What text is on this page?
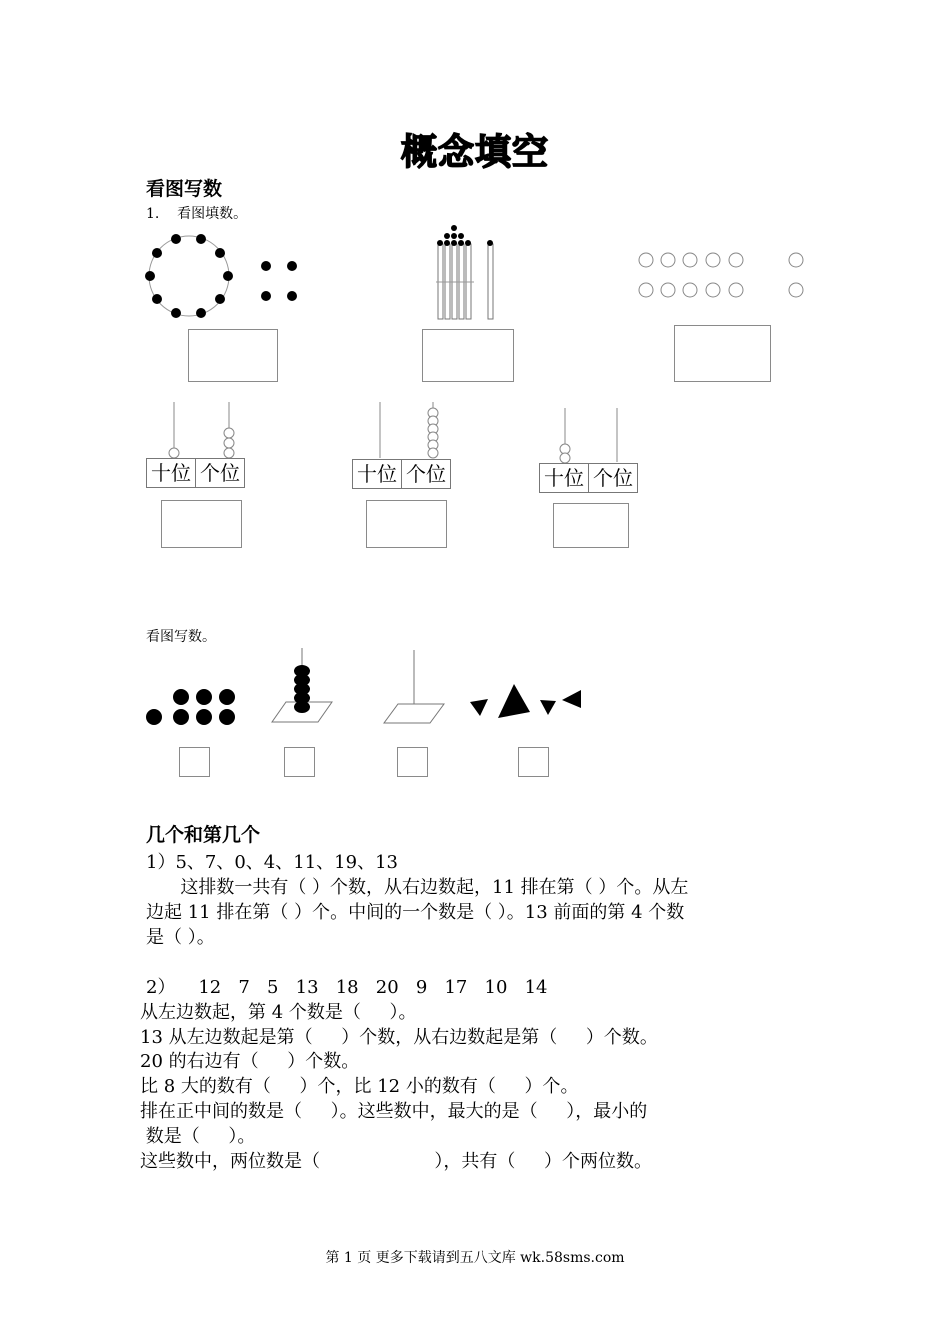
概念填空
看图写数
1.    看图填数。
十位 个位	十位 个位	十位 个位
看图写数。
几个和第几个
1）5、7、0、4、11、19、13
这排数一共有（ ）个数，从右边数起，11 排在第（ ）个。从左
边起 11 排在第（ ）个。中间的一个数是（ ）。13 前面的第 4 个数
是（ ）。
2）    12   7   5   13   18   20   9   17   10   14
从左边数起，第 4 个数是（     ）。
13 从左边数起是第（     ）个数，从右边数起是第（     ）个数。
20 的右边有（     ）个数。
比 8 大的数有（     ）个，比 12 小的数有（     ）个。
排在正中间的数是（     ）。这些数中，最大的是（     ），最小的
数是（     ）。
这些数中，两位数是（                    ），共有（     ）个两位数。
第 1 页 更多下载请到五八文库 wk.58sms.com
